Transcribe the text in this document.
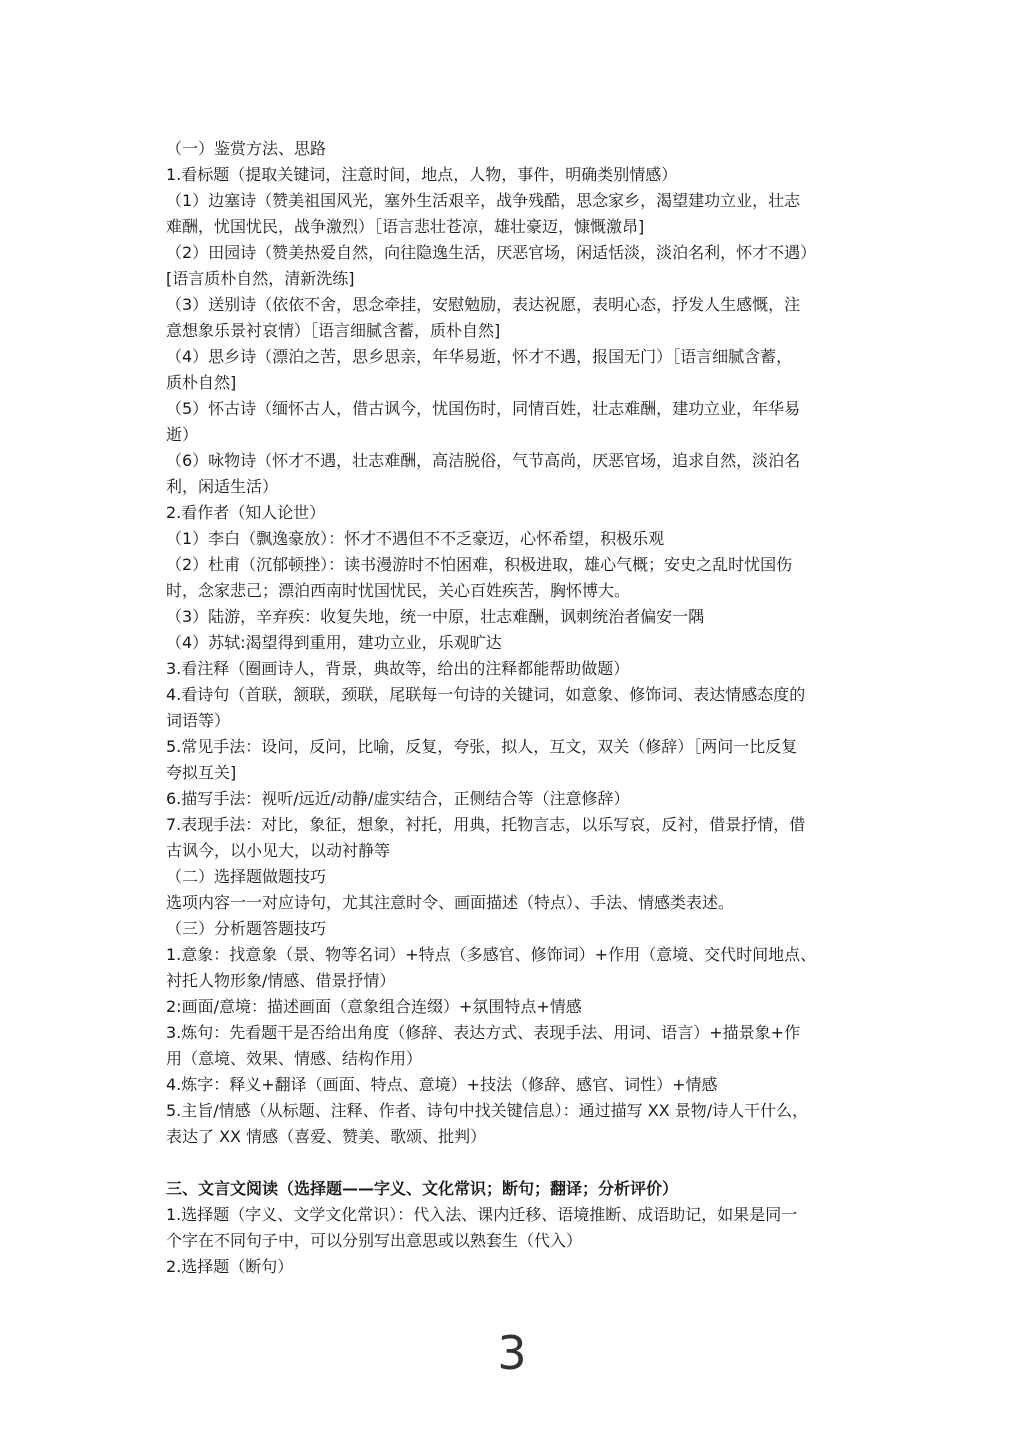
（一）鉴赏方法、思路

1.看标题（提取关键词，注意时间，地点，人物，事件，明确类别情感）

（1）边塞诗（赞美祖国风光，塞外生活艰辛，战争残酷，思念家乡，渴望建功立业，壮志

难酬，忧国忧民，战争激烈）［语言悲壮苍凉，雄壮豪迈，慷慨激昂]

（2）田园诗（赞美热爱自然，向往隐逸生活，厌恶官场，闲适恬淡，淡泊名利，怀才不遇）

[语言质朴自然，清新洗练]

（3）送别诗（依依不舍，思念牵挂，安慰勉励，表达祝愿，表明心态，抒发人生感慨，注

意想象乐景衬哀情）［语言细腻含蓄，质朴自然]

（4）思乡诗（漂泊之苦，思乡思亲，年华易逝，怀才不遇，报国无门）［语言细腻含蓄，

质朴自然]

（5）怀古诗（缅怀古人，借古讽今，忧国伤时，同情百姓，壮志难酬，建功立业，年华易

逝）

（6）咏物诗（怀才不遇，壮志难酬，高洁脱俗，气节高尚，厌恶官场，追求自然，淡泊名

利，闲适生活）

2.看作者（知人论世）

（1）李白（飘逸豪放）：怀才不遇但不不乏豪迈，心怀希望，积极乐观

（2）杜甫（沉郁顿挫）：读书漫游时不怕困难，积极进取，雄心气概；安史之乱时忧国伤

时，念家悲己；漂泊西南时忧国忧民，关心百姓疾苦，胸怀博大。

（3）陆游，辛弃疾：收复失地，统一中原，壮志难酬，讽刺统治者偏安一隅

（4）苏轼:渴望得到重用，建功立业，乐观旷达

3.看注释（圈画诗人，背景，典故等，给出的注释都能帮助做题）

4.看诗句（首联，颔联，颈联，尾联每一句诗的关键词，如意象、修饰词、表达情感态度的

词语等）

5.常见手法：设问，反问，比喻，反复，夸张，拟人，互文，双关（修辞）［两问一比反复

夸拟互关]

6.描写手法：视听/远近/动静/虚实结合，正侧结合等（注意修辞）

7.表现手法：对比，象征，想象，衬托，用典，托物言志，以乐写哀，反衬，借景抒情，借

古讽今，以小见大，以动衬静等

（二）选择题做题技巧

选项内容一一对应诗句，尤其注意时令、画面描述（特点）、手法、情感类表述。

（三）分析题答题技巧

1.意象：找意象（景、物等名词）+特点（多感官、修饰词）+作用（意境、交代时间地点、

衬托人物形象/情感、借景抒情）

2:画面/意境：描述画面（意象组合连缀）+氛围特点+情感

3.炼句：先看题干是否给出角度（修辞、表达方式、表现手法、用词、语言）+描景象+作

用（意境、效果、情感、结构作用）

4.炼字：释义+翻译（画面、特点、意境）+技法（修辞、感官、词性）+情感

5.主旨/情感（从标题、注释、作者、诗句中找关键信息）：通过描写 XX 景物/诗人干什么，

表达了 XX 情感（喜爱、赞美、歌颂、批判）

三、文言文阅读（选择题——字义、文化常识；断句；翻译；分析评价）

1.选择题（字义、文学文化常识）：代入法、课内迁移、语境推断、成语助记，如果是同一

个字在不同句子中，可以分别写出意思或以熟套生（代入）

2.选择题（断句）

3
